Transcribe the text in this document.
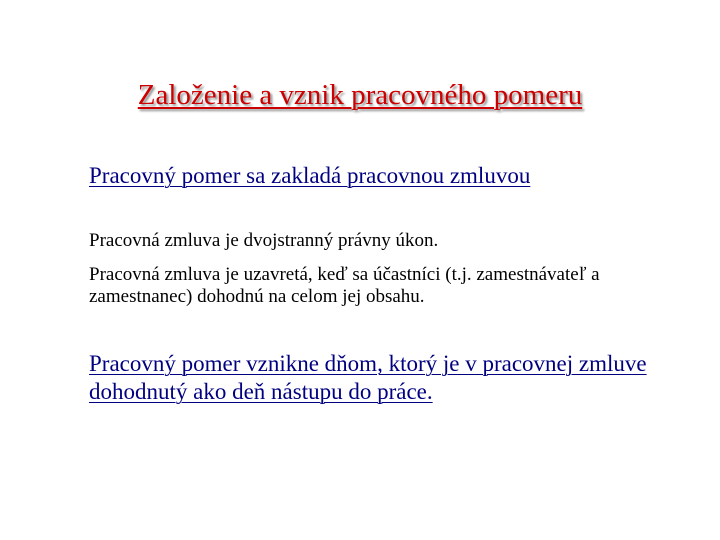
Založenie a vznik pracovného pomeru
Pracovný pomer sa zakladá pracovnou zmluvou
Pracovná zmluva je dvojstranný právny úkon.
Pracovná zmluva je uzavretá, keď sa účastníci (t.j. zamestnávateľ a zamestnanec) dohodnú na celom jej obsahu.
Pracovný pomer vznikne dňom, ktorý je v pracovnej zmluve dohodnutý ako deň nástupu do práce.
